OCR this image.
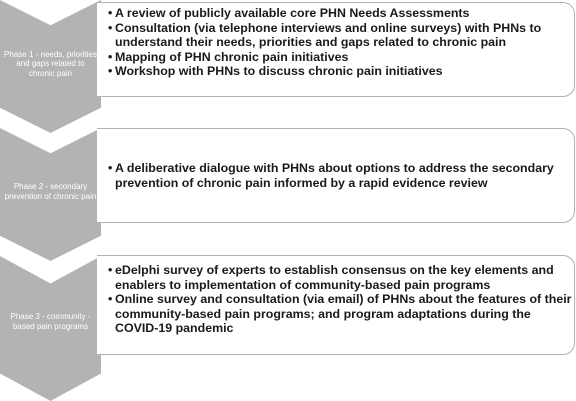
Phase 1 - needs, priorities and gaps related to chronic pain
• A review of publicly available core PHN Needs Assessments
• Consultation (via telephone interviews and online surveys) with PHNs to understand their needs, priorities and gaps related to chronic pain
• Mapping of PHN chronic pain initiatives
• Workshop with PHNs to discuss chronic pain initiatives
Phase 2 - secondary prevention of chronic pain
• A deliberative dialogue with PHNs about options to address the secondary prevention of chronic pain informed by a rapid evidence review
Phase 3 - community - based pain programs
• eDelphi survey of experts to establish consensus on the key elements and enablers to implementation of community-based pain programs
• Online survey and consultation (via email) of PHNs about the features of their community-based pain programs; and program adaptations during the COVID-19 pandemic
